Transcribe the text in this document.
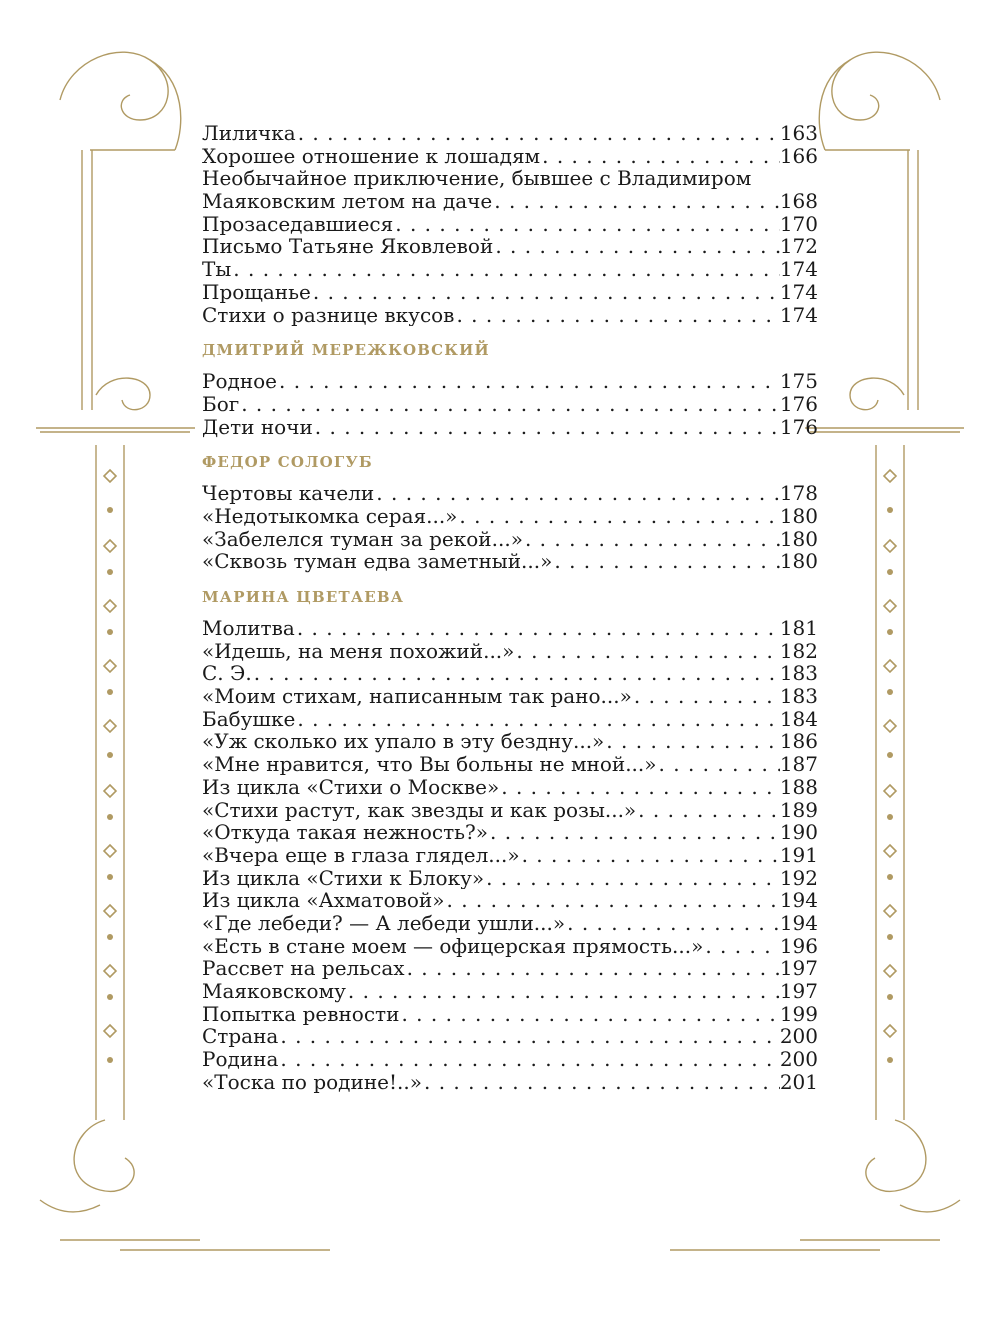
Лиличка . . .	163
Хорошее отношение к лошадям . . .	166
Необычайное приключение, бывшее с Владимиром
Маяковским летом на даче . . .	168
Прозаседавшиеся . . .	170
Письмо Татьяне Яковлевой . . .	172
Ты . . .	174
Прощанье . . .	174
Стихи о разнице вкусов . . .	174
ДМИТРИЙ МЕРЕЖКОВСКИЙ
Родное . . .	175
Бог . . .	176
Дети ночи . . .	176
ФЕДОР СОЛОГУБ
Чертовы качели . . .	178
«Недотыкомка серая...» . . .	180
«Забелелся туман за рекой...» . . .	180
«Сквозь туман едва заметный...» . . .	180
МАРИНА ЦВЕТАЕВА
Молитва . . .	181
«Идешь, на меня похожий...» . . .	182
С. Э. . . .	183
«Моим стихам, написанным так рано...» . . .	183
Бабушке . . .	184
«Уж сколько их упало в эту бездну...» . . .	186
«Мне нравится, что Вы больны не мной...» . . .	187
Из цикла «Стихи о Москве» . . .	188
«Стихи растут, как звезды и как розы...» . . .	189
«Откуда такая нежность?» . . .	190
«Вчера еще в глаза глядел...» . . .	191
Из цикла «Стихи к Блоку» . . .	192
Из цикла «Ахматовой» . . .	194
«Где лебеди? — А лебеди ушли...» . . .	194
«Есть в стане моем — офицерская прямость...» . . .	196
Рассвет на рельсах . . .	197
Маяковскому . . .	197
Попытка ревности . . .	199
Страна . . .	200
Родина . . .	200
«Тоска по родине!..» . . .	201
